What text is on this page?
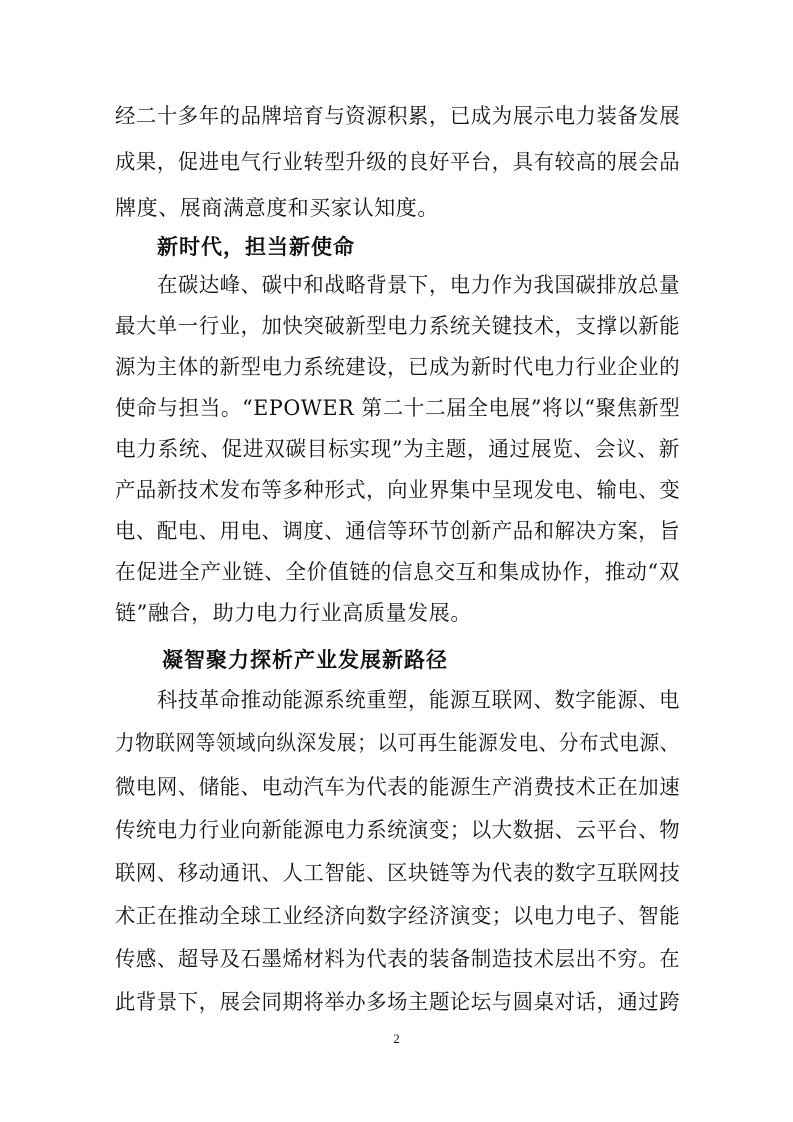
经二十多年的品牌培育与资源积累，已成为展示电力装备发展
成果，促进电气行业转型升级的良好平台，具有较高的展会品
牌度、展商满意度和买家认知度。
新时代，担当新使命
在碳达峰、碳中和战略背景下，电力作为我国碳排放总量
最大单一行业，加快突破新型电力系统关键技术，支撑以新能
源为主体的新型电力系统建设，已成为新时代电力行业企业的
使命与担当。“EPOWER 第二十二届全电展”将以“聚焦新型
电力系统、促进双碳目标实现”为主题，通过展览、会议、新
产品新技术发布等多种形式，向业界集中呈现发电、输电、变
电、配电、用电、调度、通信等环节创新产品和解决方案，旨
在促进全产业链、全价值链的信息交互和集成协作，推动“双
链”融合，助力电力行业高质量发展。
凝智聚力探析产业发展新路径
科技革命推动能源系统重塑，能源互联网、数字能源、电
力物联网等领域向纵深发展；以可再生能源发电、分布式电源、
微电网、储能、电动汽车为代表的能源生产消费技术正在加速
传统电力行业向新能源电力系统演变；以大数据、云平台、物
联网、移动通讯、人工智能、区块链等为代表的数字互联网技
术正在推动全球工业经济向数字经济演变；以电力电子、智能
传感、超导及石墨烯材料为代表的装备制造技术层出不穷。在
此背景下，展会同期将举办多场主题论坛与圆桌对话，通过跨
2
